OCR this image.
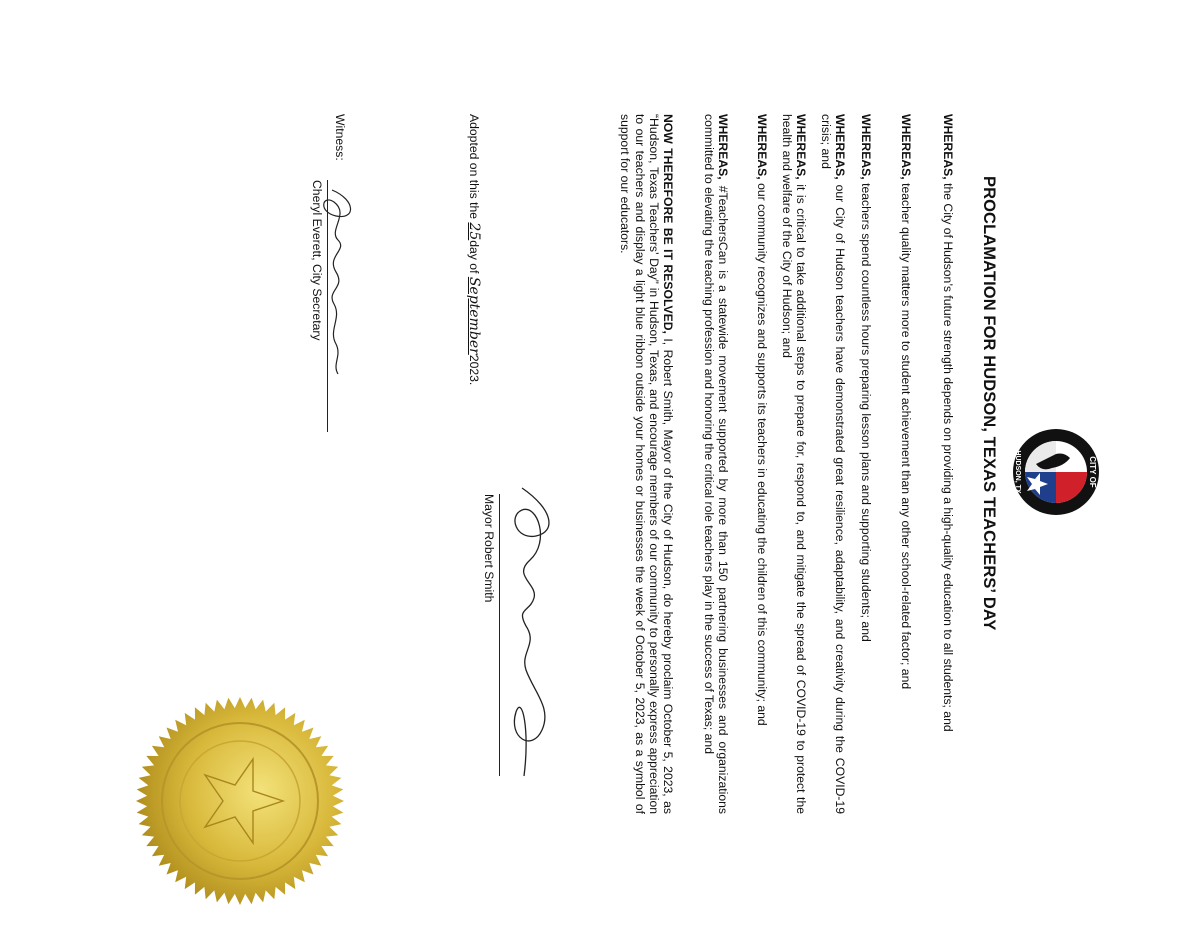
CITY OF
HUDSON, TX
PROCLAMATION FOR HUDSON, TEXAS TEACHERS’ DAY
WHEREAS, the City of Hudson’s future strength depends on providing a high-quality education to all students; and
WHEREAS, teacher quality matters more to student achievement than any other school-related factor; and
WHEREAS, teachers spend countless hours preparing lesson plans and supporting students; and
WHEREAS, our City of Hudson teachers have demonstrated great resilience, adaptability, and creativity during the COVID-19 crisis; and
WHEREAS, it is critical to take additional steps to prepare for, respond to, and mitigate the spread of COVID-19 to protect the health and welfare of the City of Hudson; and
WHEREAS, our community recognizes and supports its teachers in educating the children of this community; and
WHEREAS, #TeachersCan is a statewide movement supported by more than 150 partnering businesses and organizations committed to elevating the teaching profession and honoring the critical role teachers play in the success of Texas; and
NOW THEREFORE BE IT RESOLVED, I, Robert Smith, Mayor of the City of Hudson, do hereby proclaim October 5, 2023, as “Hudson, Texas Teachers’ Day” in Hudson, Texas, and encourage members of our community to personally express appreciation to our teachers and display a light blue ribbon outside your homes or businesses the week of October 5, 2023, as a symbol of support for our educators.
Robert Smith
Mayor Robert Smith
Adopted on this the 25day of September2023.
Witness:
Cheryl Everett
Cheryl Everett, City Secretary
